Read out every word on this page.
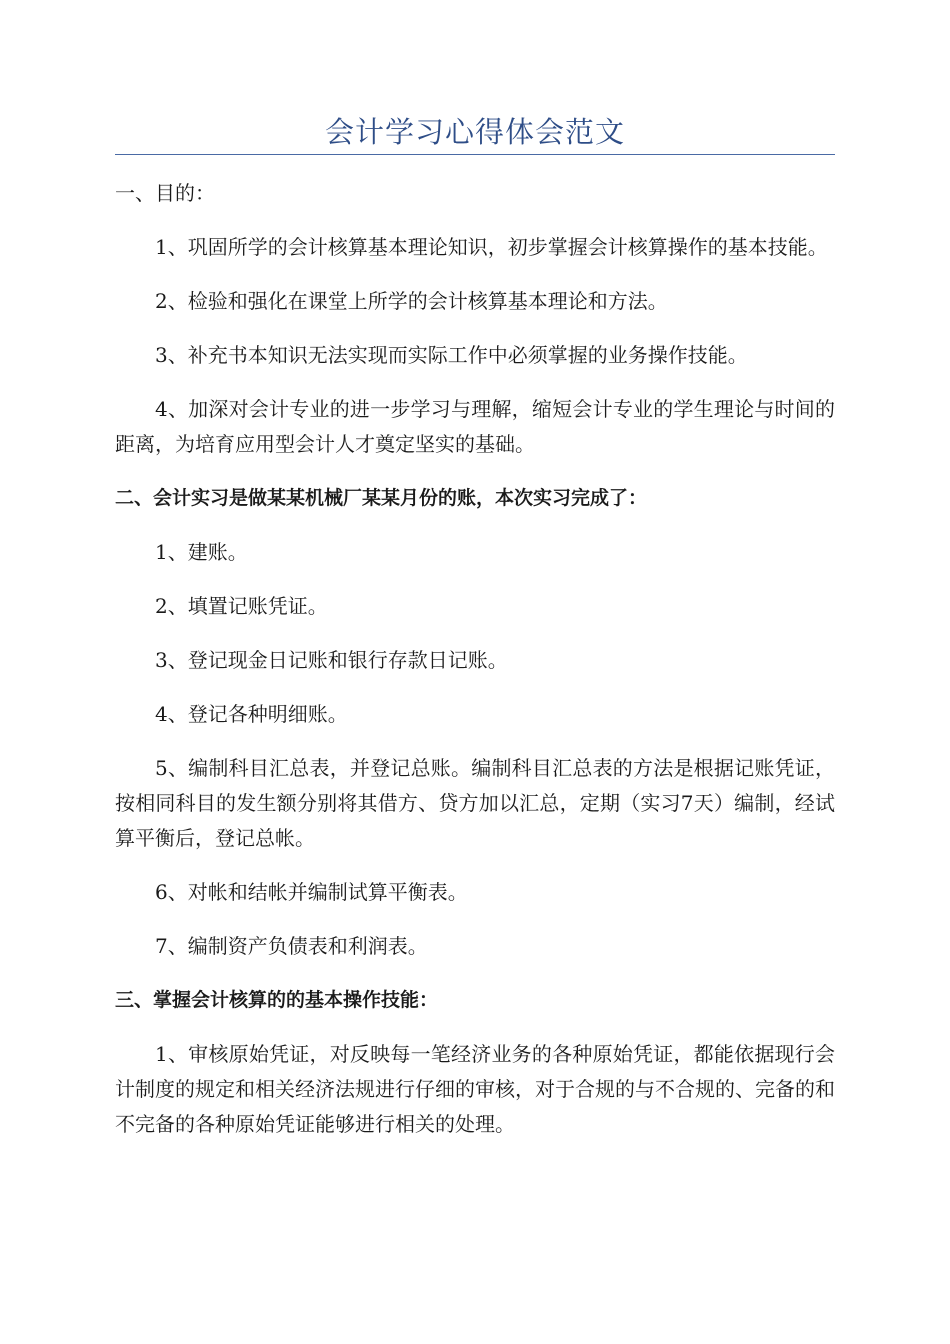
会计学习心得体会范文

一、目的：

1、巩固所学的会计核算基本理论知识，初步掌握会计核算操作的基本技能。

2、检验和强化在课堂上所学的会计核算基本理论和方法。

3、补充书本知识无法实现而实际工作中必须掌握的业务操作技能。

4、加深对会计专业的进一步学习与理解，缩短会计专业的学生理论与时间的距离，为培育应用型会计人才奠定坚实的基础。

二、会计实习是做某某机械厂某某月份的账，本次实习完成了：

1、建账。

2、填置记账凭证。

3、登记现金日记账和银行存款日记账。

4、登记各种明细账。

5、编制科目汇总表，并登记总账。编制科目汇总表的方法是根据记账凭证，按相同科目的发生额分别将其借方、贷方加以汇总，定期（实习7天）编制，经试算平衡后，登记总帐。

6、对帐和结帐并编制试算平衡表。

7、编制资产负债表和利润表。

三、掌握会计核算的的基本操作技能：

1、审核原始凭证，对反映每一笔经济业务的各种原始凭证，都能依据现行会计制度的规定和相关经济法规进行仔细的审核，对于合规的与不合规的、完备的和不完备的各种原始凭证能够进行相关的处理。
